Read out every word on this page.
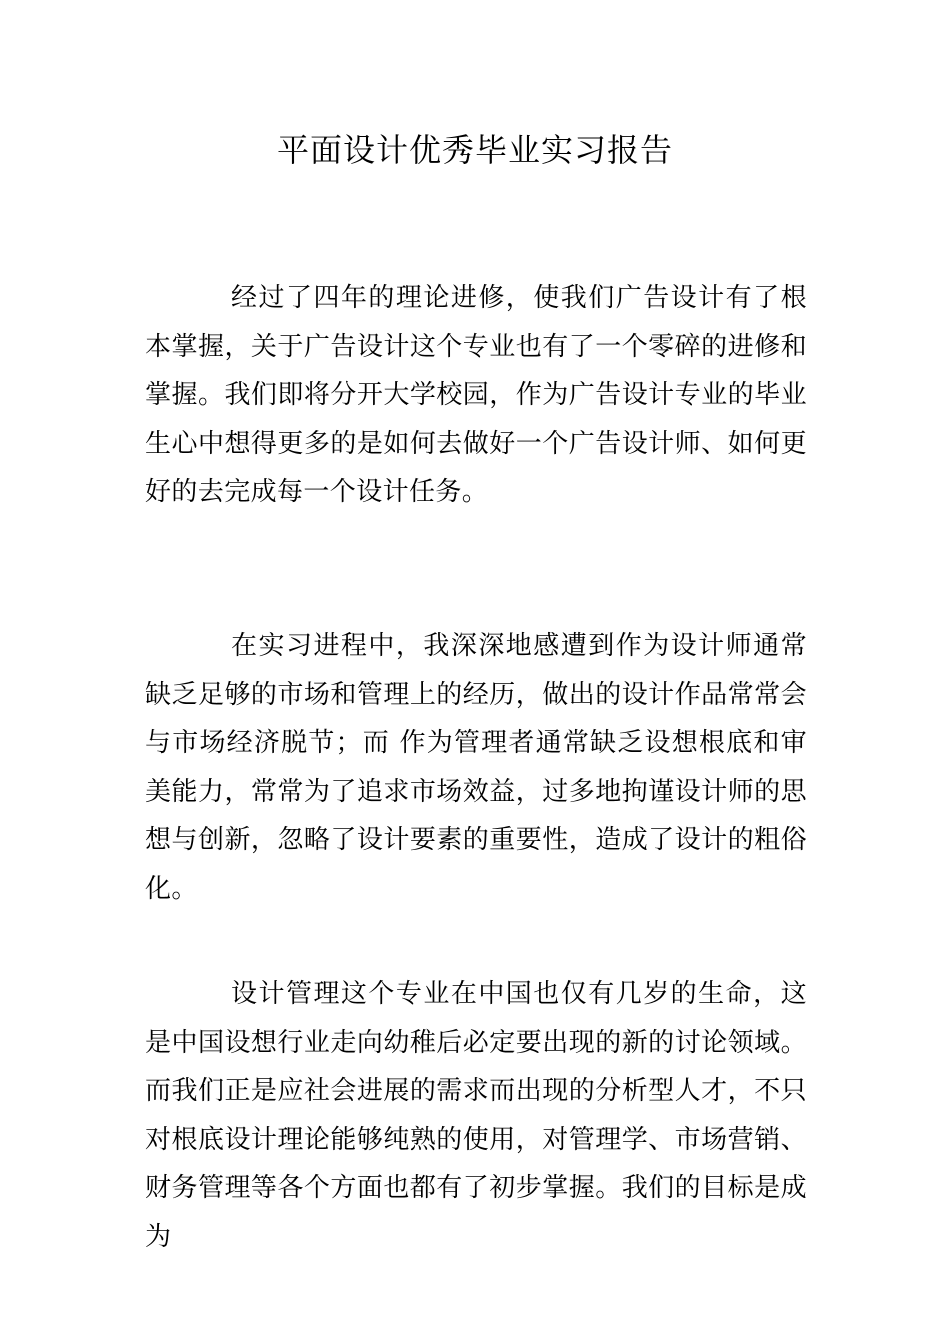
平面设计优秀毕业实习报告

经过了四年的理论进修，使我们广告设计有了根本掌握，关于广告设计这个专业也有了一个零碎的进修和掌握。我们即将分开大学校园，作为广告设计专业的毕业生心中想得更多的是如何去做好一个广告设计师、如何更好的去完成每一个设计任务。

在实习进程中，我深深地感遭到作为设计师通常缺乏足够的市场和管理上的经历，做出的设计作品常常会与市场经济脱节；而 作为管理者通常缺乏设想根底和审美能力，常常为了追求市场效益，过多地拘谨设计师的思想与创新，忽略了设计要素的重要性，造成了设计的粗俗化。

设计管理这个专业在中国也仅有几岁的生命，这是中国设想行业走向幼稚后必定要出现的新的讨论领域。而我们正是应社会进展的需求而出现的分析型人才，不只对根底设计理论能够纯熟的使用，对管理学、市场营销、财务管理等各个方面也都有了初步掌握。我们的目标是成为
